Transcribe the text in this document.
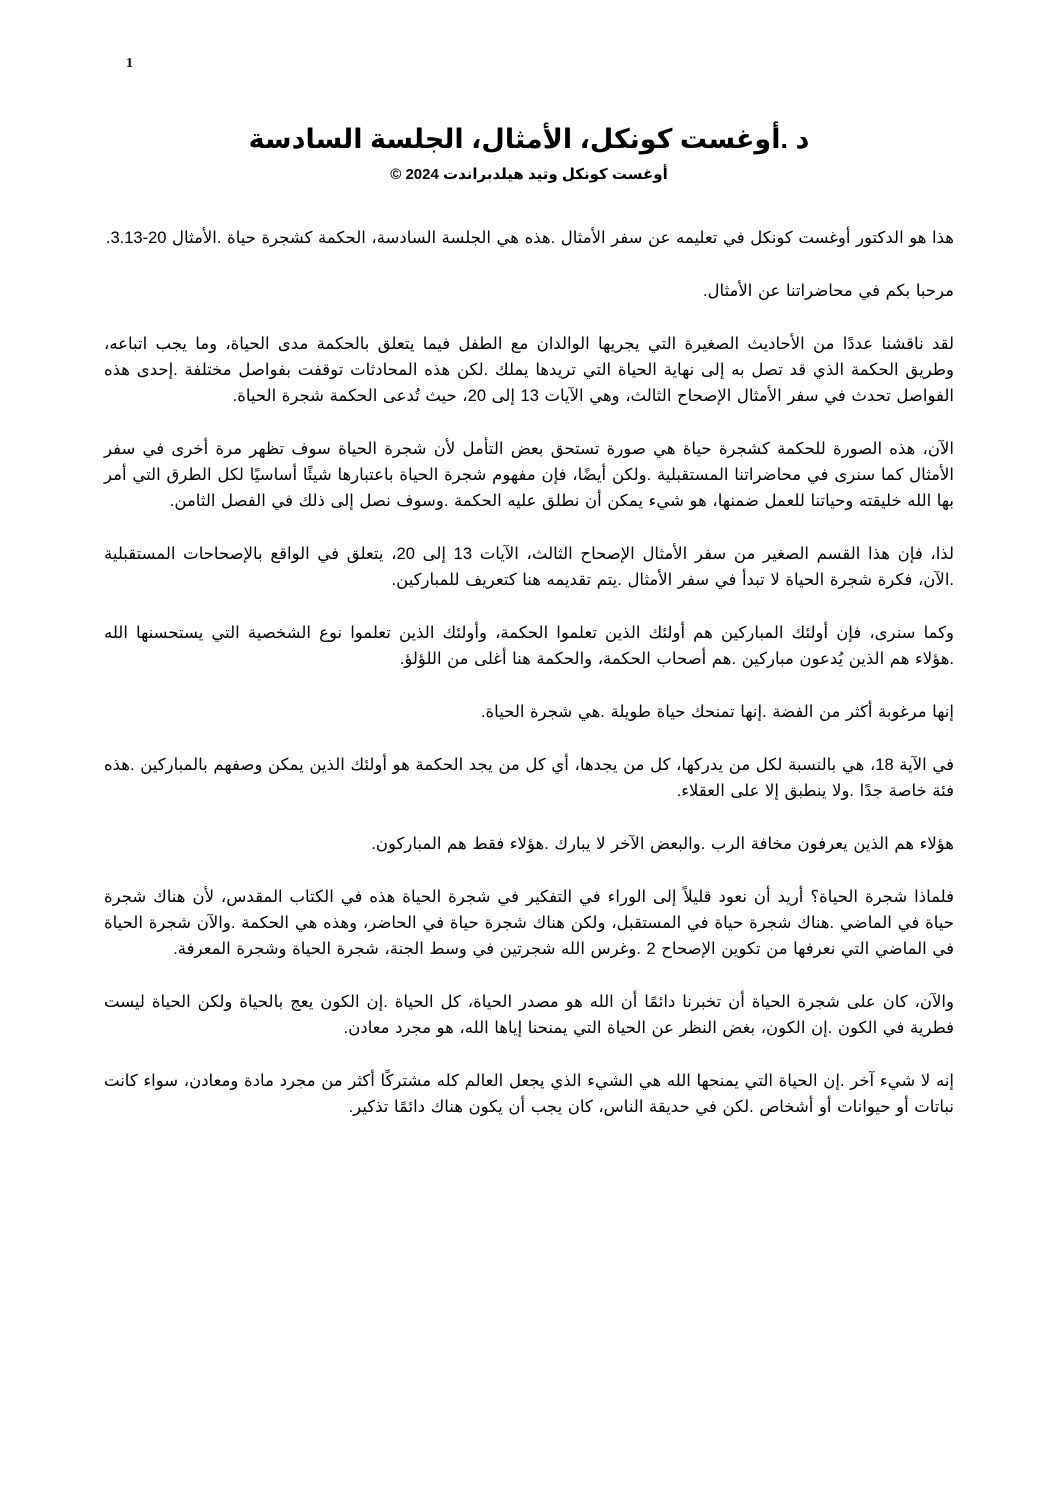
1
د .أوغست كونكل، الأمثال، الجلسة السادسة
أوغست كونكل وتيد هيلدبراندت 2024 ©

هذا هو الدكتور أوغست كونكل في تعليمه عن سفر الأمثال .هذه هي الجلسة السادسة، الحكمة كشجرة حياة .الأمثال 20-3.13.

مرحبا بكم في محاضراتنا عن الأمثال.

لقد ناقشنا عددًا من الأحاديث الصغيرة التي يجريها الوالدان مع الطفل فيما يتعلق بالحكمة مدى الحياة، وما يجب اتباعه، وطريق الحكمة الذي قد تصل به إلى نهاية الحياة التي تريدها يملك .لكن هذه المحادثات توقفت بفواصل مختلفة .إحدى هذه الفواصل تحدث في سفر الأمثال الإصحاح الثالث، وهي الآيات 13 إلى 20، حيث تُدعى الحكمة شجرة الحياة.

الآن، هذه الصورة للحكمة كشجرة حياة هي صورة تستحق بعض التأمل لأن شجرة الحياة سوف تظهر مرة أخرى في سفر الأمثال كما سنرى في محاضراتنا المستقبلية .ولكن أيضًا، فإن مفهوم شجرة الحياة باعتبارها شيئًا أساسيًا لكل الطرق التي أمر بها الله خليقته وحياتنا للعمل ضمنها، هو شيء يمكن أن نطلق عليه الحكمة .وسوف نصل إلى ذلك في الفصل الثامن.

لذا، فإن هذا القسم الصغير من سفر الأمثال الإصحاح الثالث، الآيات 13 إلى 20، يتعلق في الواقع بالإصحاحات المستقبلية .الآن، فكرة شجرة الحياة لا تبدأ في سفر الأمثال .يتم تقديمه هنا كتعريف للمباركين.

وكما سنرى، فإن أولئك المباركين هم أولئك الذين تعلموا الحكمة، وأولئك الذين تعلموا نوع الشخصية التي يستحسنها الله .هؤلاء هم الذين يُدعون مباركين .هم أصحاب الحكمة، والحكمة هنا أغلى من اللؤلؤ.

إنها مرغوبة أكثر من الفضة .إنها تمنحك حياة طويلة .هي شجرة الحياة.

في الآية 18، هي بالنسبة لكل من يدركها، كل من يجدها، أي كل من يجد الحكمة هو أولئك الذين يمكن وصفهم بالمباركين .هذه فئة خاصة جدًا .ولا ينطبق إلا على العقلاء.

هؤلاء هم الذين يعرفون مخافة الرب .والبعض الآخر لا يبارك .هؤلاء فقط هم المباركون.

فلماذا شجرة الحياة؟ أريد أن نعود قليلاً إلى الوراء في التفكير في شجرة الحياة هذه في الكتاب المقدس، لأن هناك شجرة حياة في الماضي .هناك شجرة حياة في المستقبل، ولكن هناك شجرة حياة في الحاضر، وهذه هي الحكمة .والآن شجرة الحياة في الماضي التي نعرفها من تكوين الإصحاح 2 .وغرس الله شجرتين في وسط الجنة، شجرة الحياة وشجرة المعرفة.

والآن، كان على شجرة الحياة أن تخبرنا دائمًا أن الله هو مصدر الحياة، كل الحياة .إن الكون يعج بالحياة ولكن الحياة ليست فطرية في الكون .إن الكون، بغض النظر عن الحياة التي يمنحنا إياها الله، هو مجرد معادن.

إنه لا شيء آخر .إن الحياة التي يمنحها الله هي الشيء الذي يجعل العالم كله مشتركًا أكثر من مجرد مادة ومعادن، سواء كانت نباتات أو حيوانات أو أشخاص .لكن في حديقة الناس، كان يجب أن يكون هناك دائمًا تذكير.
